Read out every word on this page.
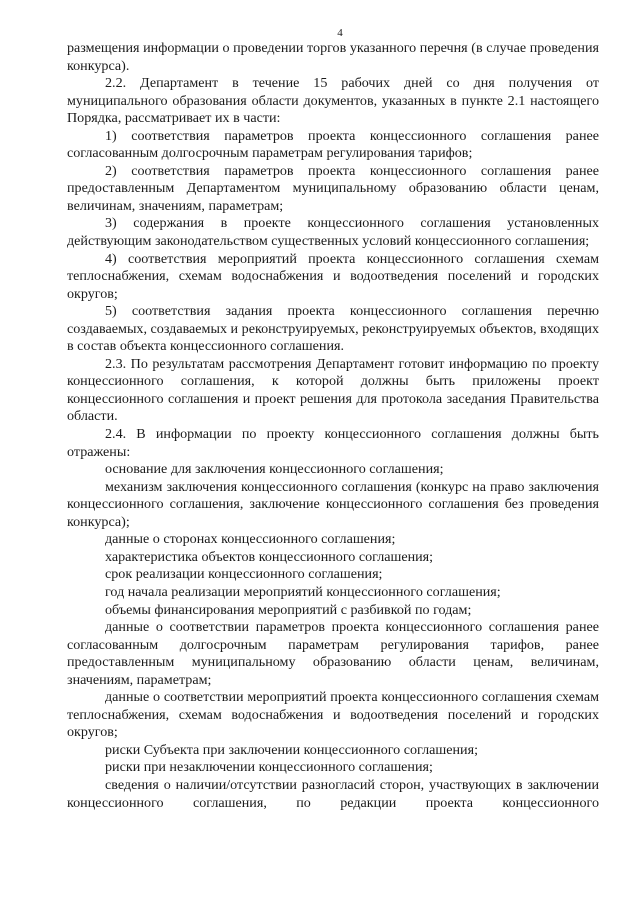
4

размещения информации о проведении торгов указанного перечня (в случае проведения конкурса).

2.2. Департамент в течение 15 рабочих дней со дня получения от муниципального образования области документов, указанных в пункте 2.1 настоящего Порядка, рассматривает их в части:

1) соответствия параметров проекта концессионного соглашения ранее согласованным долгосрочным параметрам регулирования тарифов;

2) соответствия параметров проекта концессионного соглашения ранее предоставленным Департаментом муниципальному образованию области ценам, величинам, значениям, параметрам;

3) содержания в проекте концессионного соглашения установленных действующим законодательством существенных условий концессионного соглашения;

4) соответствия мероприятий проекта концессионного соглашения схемам теплоснабжения, схемам водоснабжения и водоотведения поселений и городских округов;

5) соответствия задания проекта концессионного соглашения перечню создаваемых, создаваемых и реконструируемых, реконструируемых объектов, входящих в состав объекта концессионного соглашения.

2.3. По результатам рассмотрения Департамент готовит информацию по проекту концессионного соглашения, к которой должны быть приложены проект концессионного соглашения и проект решения для протокола заседания Правительства области.

2.4. В информации по проекту концессионного соглашения должны быть отражены:

основание для заключения концессионного соглашения;

механизм заключения концессионного соглашения (конкурс на право заключения концессионного соглашения, заключение концессионного соглашения без проведения конкурса);

данные о сторонах концессионного соглашения;

характеристика объектов концессионного соглашения;

срок реализации концессионного соглашения;

год начала реализации мероприятий концессионного соглашения;

объемы финансирования мероприятий с разбивкой по годам;

данные о соответствии параметров проекта концессионного соглашения ранее согласованным долгосрочным параметрам регулирования тарифов, ранее предоставленным муниципальному образованию области ценам, величинам, значениям, параметрам;

данные о соответствии мероприятий проекта концессионного соглашения схемам теплоснабжения, схемам водоснабжения и водоотведения поселений и городских округов;

риски Субъекта при заключении концессионного соглашения;

риски при незаключении концессионного соглашения;

сведения о наличии/отсутствии разногласий сторон, участвующих в заключении концессионного соглашения, по редакции проекта концессионного
